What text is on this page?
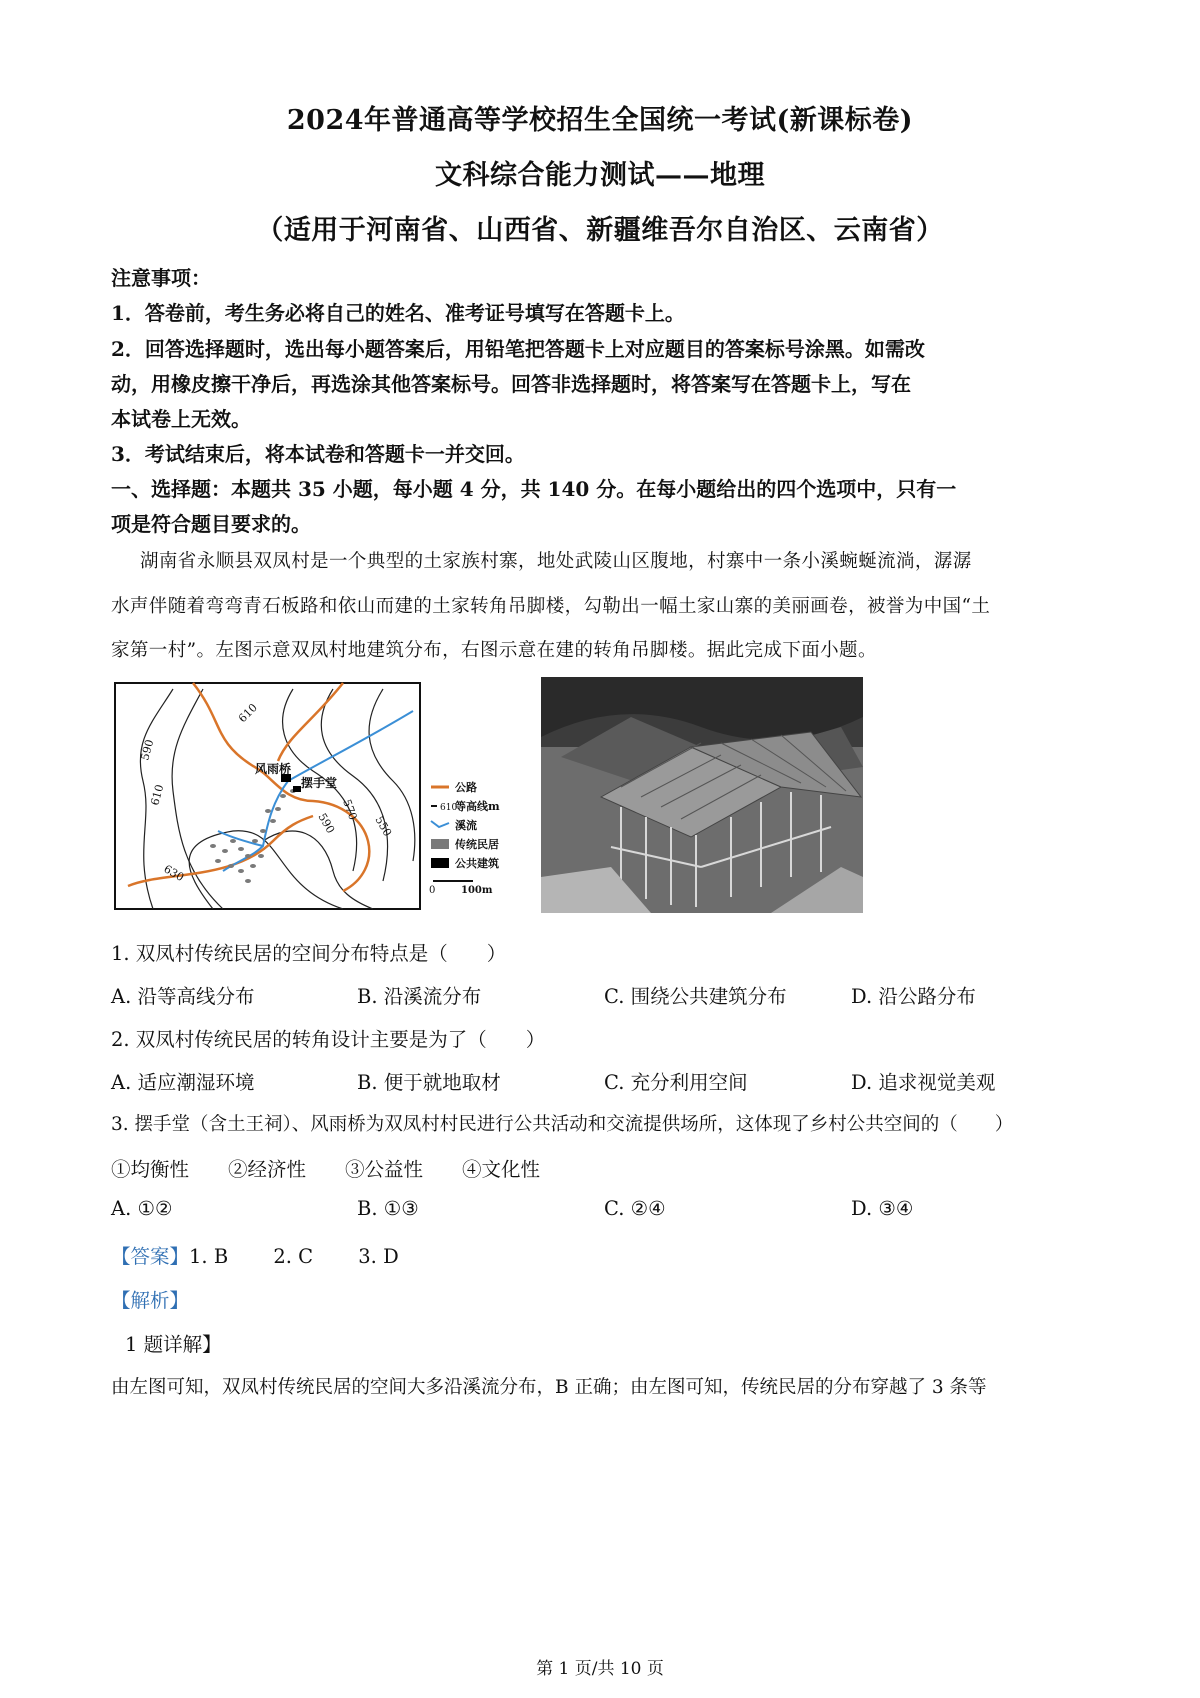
2024年普通高等学校招生全国统一考试(新课标卷)
文科综合能力测试——地理
（适用于河南省、山西省、新疆维吾尔自治区、云南省）
注意事项：
1．答卷前，考生务必将自己的姓名、准考证号填写在答题卡上。
2．回答选择题时，选出每小题答案后，用铅笔把答题卡上对应题目的答案标号涂黑。如需改
动，用橡皮擦干净后，再选涂其他答案标号。回答非选择题时，将答案写在答题卡上，写在
本试卷上无效。
3．考试结束后，将本试卷和答题卡一并交回。
一、选择题：本题共 35 小题，每小题 4 分，共 140 分。在每小题给出的四个选项中，只有一
项是符合题目要求的。
湖南省永顺县双凤村是一个典型的土家族村寨，地处武陵山区腹地，村寨中一条小溪蜿蜒流淌，潺潺
水声伴随着弯弯青石板路和依山而建的土家转角吊脚楼，勾勒出一幅土家山寨的美丽画卷，被誉为中国“土
家第一村”。左图示意双凤村地建筑分布，右图示意在建的转角吊脚楼。据此完成下面小题。
610
590
610
630
590
570
550
风雨桥
摆手堂	公路
610
等高线m
溪流
传统民居
公共建筑
0	100m
1. 双凤村传统民居的空间分布特点是（　　）
A. 沿等高线分布	B. 沿溪流分布	C. 围绕公共建筑分布	D. 沿公路分布
2. 双凤村传统民居的转角设计主要是为了（　　）
A. 适应潮湿环境	B. 便于就地取材	C. 充分利用空间	D. 追求视觉美观
3. 摆手堂（含土王祠）、风雨桥为双凤村村民进行公共活动和交流提供场所，这体现了乡村公共空间的（　　）
①均衡性　　②经济性　　③公益性　　④文化性
A. ①②	B. ①③	C. ②④	D. ③④
【答案】1. B　　 2. C　　 3. D
【解析】
1 题详解】
由左图可知，双凤村传统民居的空间大多沿溪流分布，B 正确；由左图可知，传统民居的分布穿越了 3 条等
第 1 页/共 10 页
